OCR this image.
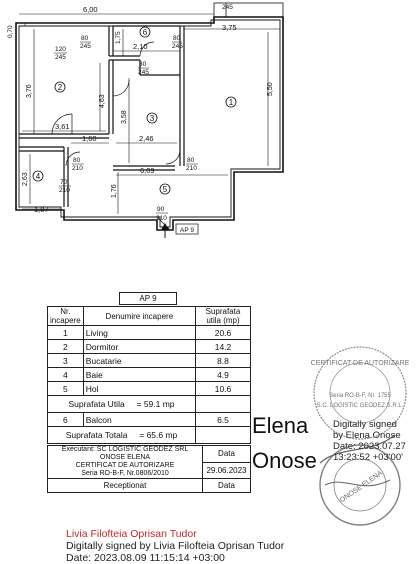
1
2
3
4
5
6
6,00
0,70	3,75
2,10
1,75
4,63
3,76
3,58
5,50
3,61
1,60	2,46
6,09
2,63
1,87
1,76
80
245
120
245
80
245
80
245
80
210
70
210
80
210
90
210
245
AP 9
AP 9
Nr. incapere	Denumire incapere	Suprafata utila (mp)
1	Living	20.6
2	Dormitor	14.2
3	Bucatarie	8.8
4	Baie	4.9
5	Hol	10.6
Suprafata Utila = 59.1 mp		
6	Balcon	6.5
Suprafata Totala = 65.6 mp		
Executant: SC LOGISTIC GEODEZ SRL
ONOSE ELENA
CERTIFICAT DE AUTORIZARE
Seria RO-B-F, Nr.0806/2010	Data
	29.06.2023
Receptionat	Data
Elena
Onose
Digitally signed
by Elena Onose
Date: 2023.07.27
13:23:52 +03'00'
CERTIFICAT DE AUTORIZARE
Seria RO-B-F, Nr. 1755
S.C. LOGISTIC GEODEZ S.R.L.
ONOSE ELENA
Livia Filofteia Oprisan Tudor
Digitally signed by Livia Filofteia Oprisan Tudor
Date: 2023.08.09 11:15:14 +03:00
